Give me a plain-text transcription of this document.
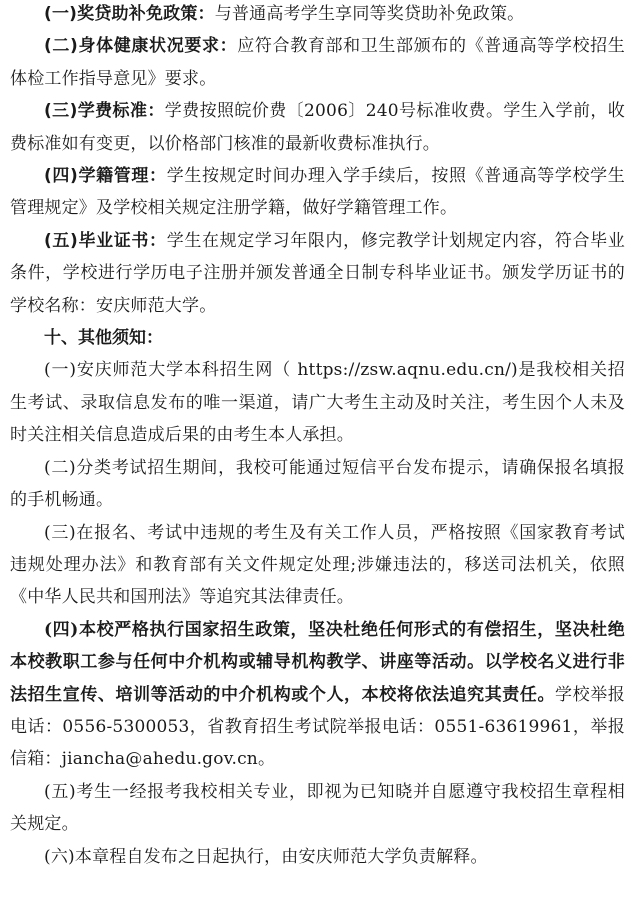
(一)奖贷助补免政策：与普通高考学生享同等奖贷助补免政策。

(二)身体健康状况要求：应符合教育部和卫生部颁布的《普通高等学校招生体检工作指导意见》要求。

(三)学费标准：学费按照皖价费〔2006〕240号标准收费。学生入学前，收费标准如有变更，以价格部门核准的最新收费标准执行。

(四)学籍管理：学生按规定时间办理入学手续后，按照《普通高等学校学生管理规定》及学校相关规定注册学籍，做好学籍管理工作。

(五)毕业证书：学生在规定学习年限内，修完教学计划规定内容，符合毕业条件，学校进行学历电子注册并颁发普通全日制专科毕业证书。颁发学历证书的学校名称：安庆师范大学。

十、其他须知：

(一)安庆师范大学本科招生网（ https://zsw.aqnu.edu.cn/)是我校相关招生考试、录取信息发布的唯一渠道，请广大考生主动及时关注，考生因个人未及时关注相关信息造成后果的由考生本人承担。

(二)分类考试招生期间，我校可能通过短信平台发布提示，请确保报名填报的手机畅通。

(三)在报名、考试中违规的考生及有关工作人员，严格按照《国家教育考试违规处理办法》和教育部有关文件规定处理;涉嫌违法的，移送司法机关，依照《中华人民共和国刑法》等追究其法律责任。

(四)本校严格执行国家招生政策，坚决杜绝任何形式的有偿招生，坚决杜绝本校教职工参与任何中介机构或辅导机构教学、讲座等活动。以学校名义进行非法招生宣传、培训等活动的中介机构或个人，本校将依法追究其责任。学校举报电话：0556-5300053，省教育招生考试院举报电话：0551-63619961，举报信箱：jiancha@ahedu.gov.cn。

(五)考生一经报考我校相关专业，即视为已知晓并自愿遵守我校招生章程相关规定。

(六)本章程自发布之日起执行，由安庆师范大学负责解释。
